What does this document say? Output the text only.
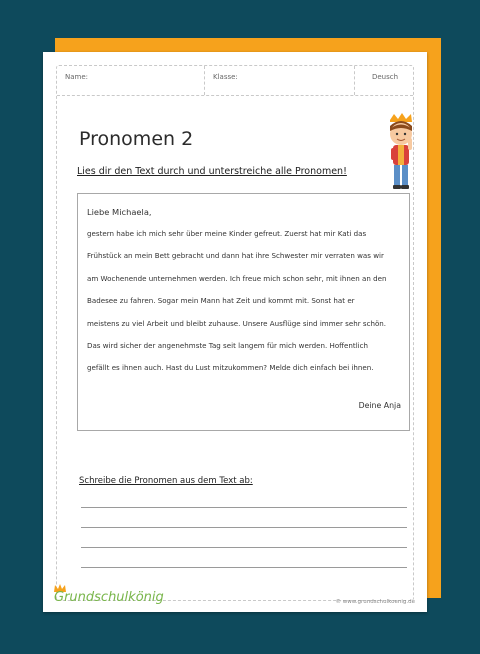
Name:	Klasse:	Deusch
Pronomen 2
Lies dir den Text durch und unterstreiche alle Pronomen!
Liebe Michaela,
gestern habe ich mich sehr über meine Kinder gefreut. Zuerst hat mir Kati das
Frühstück an mein Bett gebracht und dann hat ihre Schwester mir verraten was wir
am Wochenende unternehmen werden. Ich freue mich schon sehr, mit ihnen an den
Badesee zu fahren. Sogar mein Mann hat Zeit und kommt mit. Sonst hat er
meistens zu viel Arbeit und bleibt zuhause. Unsere Ausflüge sind immer sehr schön.
Das wird sicher der angenehmste Tag seit langem für mich werden. Hoffentlich
gefällt es ihnen auch. Hast du Lust mitzukommen? Melde dich einfach bei ihnen.
Deine Anja
Schreibe die Pronomen aus dem Text ab:
Grundschulkönig	© www.grundschulkoenig.de
